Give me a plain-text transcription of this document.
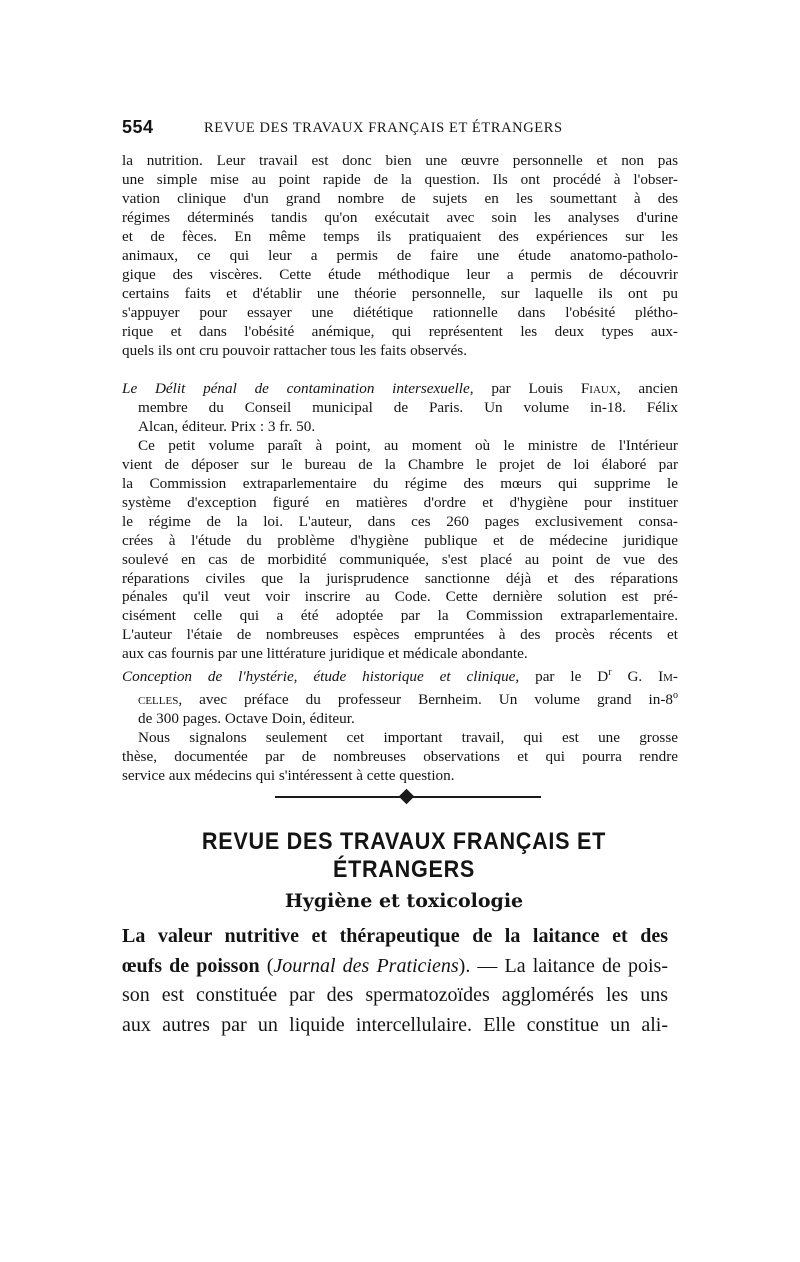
554	REVUE DES TRAVAUX FRANÇAIS ET ÉTRANGERS
la nutrition. Leur travail est donc bien une œuvre personnelle et non pas
une simple mise au point rapide de la question. Ils ont procédé à l'obser-
vation clinique d'un grand nombre de sujets en les soumettant à des
régimes déterminés tandis qu'on exécutait avec soin les analyses d'urine
et de fèces. En même temps ils pratiquaient des expériences sur les
animaux, ce qui leur a permis de faire une étude anatomo-patholo-
gique des viscères. Cette étude méthodique leur a permis de découvrir
certains faits et d'établir une théorie personnelle, sur laquelle ils ont pu
s'appuyer pour essayer une diététique rationnelle dans l'obésité plétho-
rique et dans l'obésité anémique, qui représentent les deux types aux-
quels ils ont cru pouvoir rattacher tous les faits observés.
Le Délit pénal de contamination intersexuelle, par Louis Fiaux, ancien
membre du Conseil municipal de Paris. Un volume in-18. Félix
Alcan, éditeur. Prix : 3 fr. 50.
Ce petit volume paraît à point, au moment où le ministre de l'Intérieur
vient de déposer sur le bureau de la Chambre le projet de loi élaboré par
la Commission extraparlementaire du régime des mœurs qui supprime le
système d'exception figuré en matières d'ordre et d'hygiène pour instituer
le régime de la loi. L'auteur, dans ces 260 pages exclusivement consa-
crées à l'étude du problème d'hygiène publique et de médecine juridique
soulevé en cas de morbidité communiquée, s'est placé au point de vue des
réparations civiles que la jurisprudence sanctionne déjà et des réparations
pénales qu'il veut voir inscrire au Code. Cette dernière solution est pré-
cisément celle qui a été adoptée par la Commission extraparlementaire.
L'auteur l'étaie de nombreuses espèces empruntées à des procès récents et
aux cas fournis par une littérature juridique et médicale abondante.
Conception de l'hystérie, étude historique et clinique, par le $D^r$ G. Im-
celles, avec préface du professeur Bernheim. Un volume grand in-8$^o$
de 300 pages. Octave Doin, éditeur.
Nous signalons seulement cet important travail, qui est une grosse
thèse, documentée par de nombreuses observations et qui pourra rendre
service aux médecins qui s'intéressent à cette question.
REVUE DES TRAVAUX FRANÇAIS ET ÉTRANGERS
Hygiène et toxicologie
La valeur nutritive et thérapeutique de la laitance et des
œufs de poisson (Journal des Praticiens). — La laitance de pois-
son est constituée par des spermatozoïdes agglomérés les uns
aux autres par un liquide intercellulaire. Elle constitue un ali-
